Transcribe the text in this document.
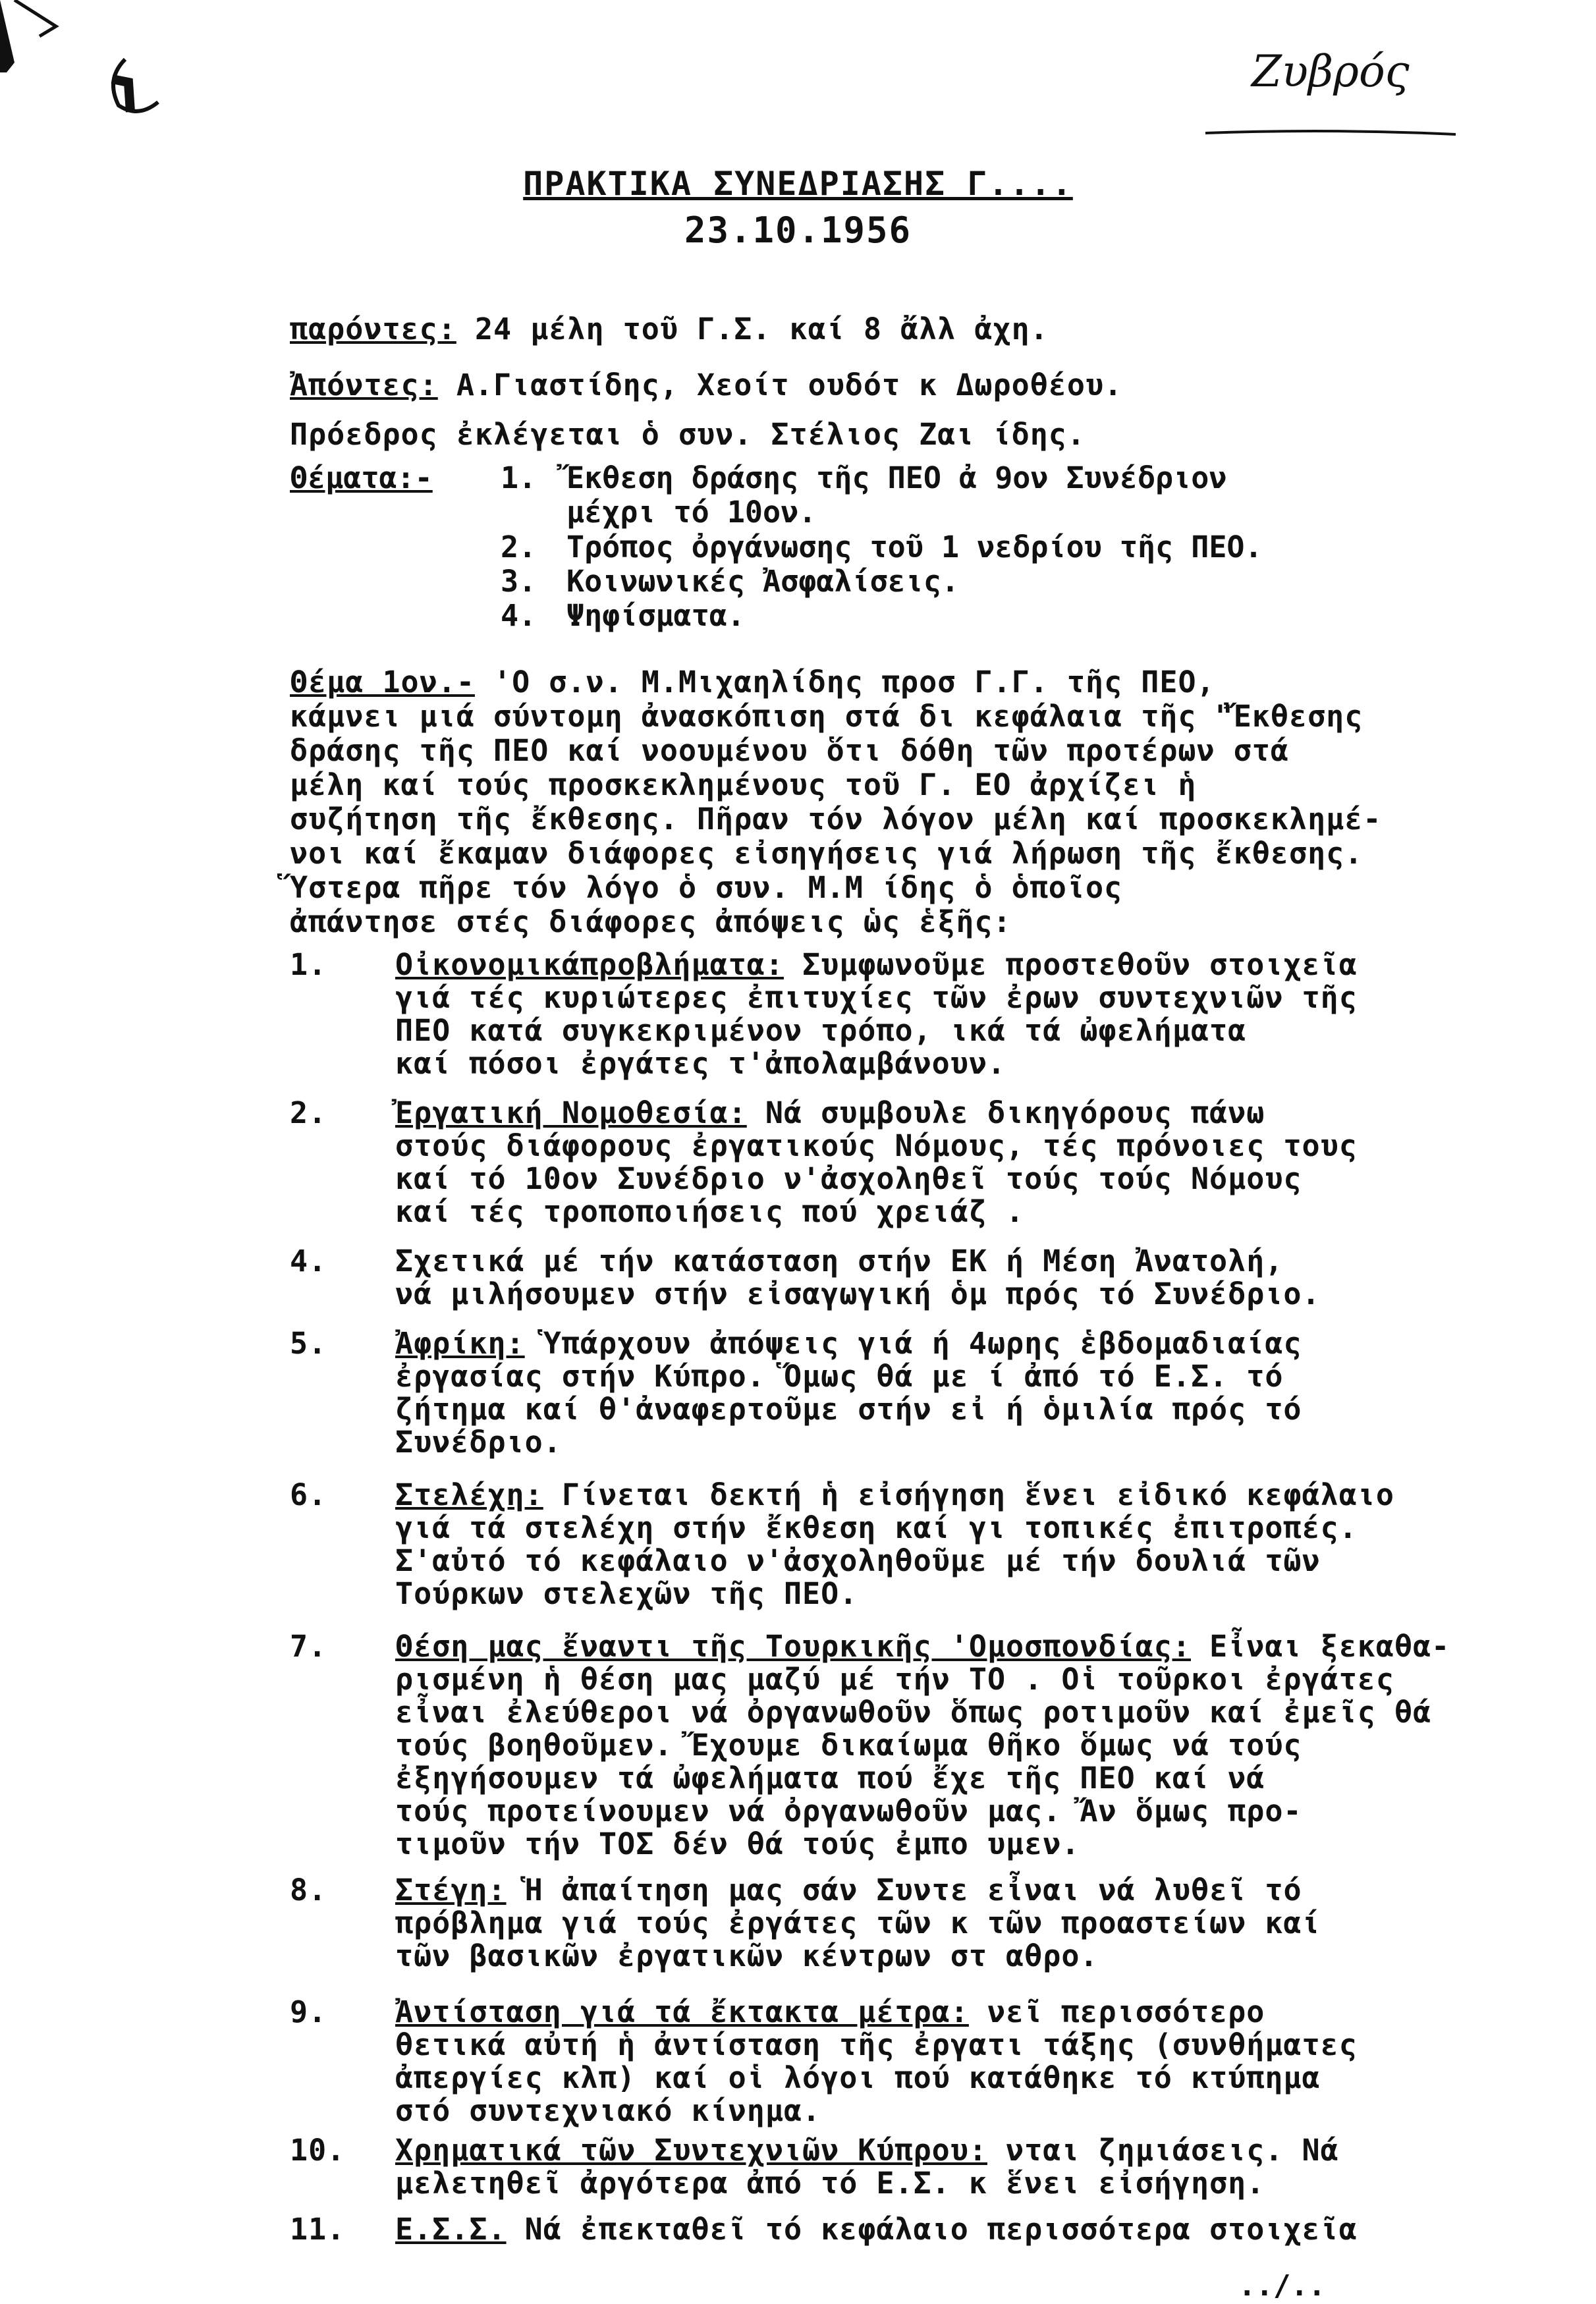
Ζυβρός
ΠΡΑΚΤΙΚΑ ΣΥΝΕΔΡΙΑΣΗΣ Γ....
23.10.1956
παρόντες: 24 μέλη τοῦ Γ.Σ. καί 8 ἄλλ ἀχη.
Ἀπόντες: Α.Γιαστίδης, Χεοίτ ουδότ κ Δωροθέου.
Πρόεδρος ἐκλέγεται ὁ συν. Στέλιος Ζαι ίδης.
Θέματα:- 1. Ἔκθεση δράσης τῆς ΠΕΟ ἀ 9ον Συνέδριον
μέχρι τό 10ον.
2. Τρόπος ὀργάνωσης τοῦ 1 νεδρίου τῆς ΠΕΟ.
3. Κοινωνικές Ἀσφαλίσεις.
4. Ψηφίσματα.

Θέμα 1ον.- 'Ο σ.ν. Μ.Μιχαηλίδης προσ Γ.Γ. τῆς ΠΕΟ,

κάμνει μιά σύντομη ἀνασκόπιση στά δι κεφάλαια τῆς "Ἔκθεσης

δράσης τῆς ΠΕΟ καί νοουμένου ὅτι δόθη τῶν προτέρων στά

μέλη καί τούς προσκεκλημένους τοῦ Γ. ΕΟ ἀρχίζει ἡ

συζήτηση τῆς ἔκθεσης. Πῆραν τόν λόγον μέλη καί προσκεκλημέ-

νοι καί ἔκαμαν διάφορες εἰσηγήσεις γιά λήρωση τῆς ἔκθεσης.

Ὕστερα πῆρε τόν λόγο ὁ συν. Μ.Μ ίδης ὁ ὁποῖος

ἀπάντησε στές διάφορες ἀπόψεις ὡς ἑξῆς:

1.	Οἰκονομικάπροβλήματα: Συμφωνοῦμε προστεθοῦν στοιχεῖα

γιά τές κυριώτερες ἐπιτυχίες τῶν ἐρων συντεχνιῶν τῆς

ΠΕΟ κατά συγκεκριμένον τρόπο, ικά τά ὠφελήματα

καί πόσοι ἐργάτες τ'ἀπολαμβάνουν.

2.	Ἐργατική Νομοθεσία: Νά συμβουλε δικηγόρους πάνω

στούς διάφορους ἐργατικούς Νόμους, τές πρόνοιες τους

καί τό 10ον Συνέδριο ν'ἀσχοληθεῖ τούς τούς Νόμους

καί τές τροποποιήσεις πού χρειάζ .

4.	Σχετικά μέ τήν κατάσταση στήν ΕΚ ή Μέση Ἀνατολή,

νά μιλήσουμεν στήν εἰσαγωγική ὁμ πρός τό Συνέδριο.

5.	Ἀφρίκη: Ὑπάρχουν ἀπόψεις γιά ή 4ωρης ἑβδομαδιαίας

ἐργασίας στήν Κύπρο. Ὅμως θά με ί ἀπό τό Ε.Σ. τό

ζήτημα καί θ'ἀναφερτοῦμε στήν εἰ ή ὁμιλία πρός τό

Συνέδριο.

6.	Στελέχη: Γίνεται δεκτή ἡ εἰσήγηση ἕνει εἰδικό κεφάλαιο

γιά τά στελέχη στήν ἔκθεση καί γι τοπικές ἐπιτροπές.

Σ'αὐτό τό κεφάλαιο ν'ἀσχοληθοῦμε μέ τήν δουλιά τῶν

Τούρκων στελεχῶν τῆς ΠΕΟ.

7.	Θέση μας ἔναντι τῆς Τουρκικῆς 'Ομοσπονδίας: Εἶναι ξεκαθα-

ρισμένη ἡ θέση μας μαζύ μέ τήν ΤΟ . Οἱ τοῦρκοι ἐργάτες

εἶναι ἐλεύθεροι νά ὀργανωθοῦν ὅπως ροτιμοῦν καί ἐμεῖς θά

τούς βοηθοῦμεν. Ἔχουμε δικαίωμα θῆκο ὅμως νά τούς

ἐξηγήσουμεν τά ὠφελήματα πού ἔχε τῆς ΠΕΟ καί νά

τούς προτείνουμεν νά ὀργανωθοῦν μας. Ἄν ὅμως προ-

τιμοῦν τήν ΤΟΣ δέν θά τούς ἐμπο υμεν.

8.	Στέγη: Ἡ ἀπαίτηση μας σάν Συντε εἶναι νά λυθεῖ τό

πρόβλημα γιά τούς ἐργάτες τῶν κ τῶν προαστείων καί

τῶν βασικῶν ἐργατικῶν κέντρων στ αθρο.

9.	Ἀντίσταση γιά τά ἔκτακτα μέτρα: νεῖ περισσότερο

θετικά αὐτή ἡ ἀντίσταση τῆς ἐργατι τάξης (συνθήματες

ἀπεργίες κλπ) καί οἱ λόγοι πού κατάθηκε τό κτύπημα

στό συντεχνιακό κίνημα.

10.	Χρηματικά τῶν Συντεχνιῶν Κύπρου: νται ζημιάσεις. Νά

μελετηθεῖ ἀργότερα ἀπό τό Ε.Σ. κ ἕνει εἰσήγηση.

11.	Ε.Σ.Σ. Νά ἐπεκταθεῖ τό κεφάλαιο περισσότερα στοιχεῖα

../..
